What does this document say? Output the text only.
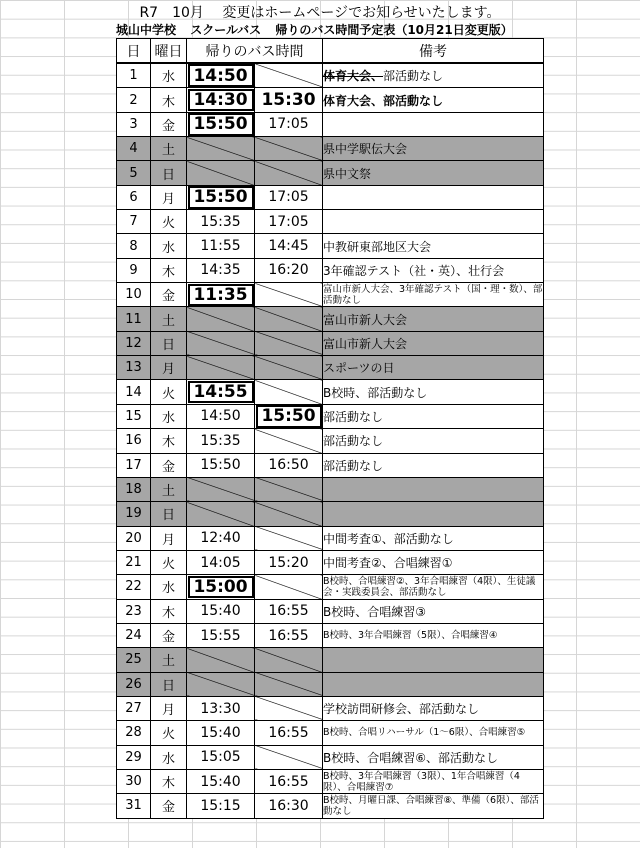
R7　10月　 変更はホームページでお知らせいたします。
城山中学校 スクールバス 帰りのバス時間予定表（10月21日変更版）
日	曜日	帰りのバス時間		備考
1	水	14:50		体育大会、部活動なし
2	木	14:30	15:30	体育大会、部活動なし
3	金	15:50	17:05	
4	土			県中学駅伝大会
5	日			県中文祭
6	月	15:50	17:05	
7	火	15:35	17:05	
8	水	11:55	14:45	中教研東部地区大会
9	木	14:35	16:20	3年確認テスト（社・英）、壮行会
10	金	11:35		富山市新人大会、3年確認テスト（国・理・数）、部活動なし
11	土			富山市新人大会
12	日			富山市新人大会
13	月			スポーツの日
14	火	14:55		B校時、部活動なし
15	水	14:50	15:50	部活動なし
16	木	15:35		部活動なし
17	金	15:50	16:50	部活動なし
18	土			
19	日			
20	月	12:40		中間考査①、部活動なし
21	火	14:05	15:20	中間考査②、合唱練習①
22	水	15:00		B校時、合唱練習②、3年合唱練習（4限）、生徒議会・実践委員会、部活動なし
23	木	15:40	16:55	B校時、合唱練習③
24	金	15:55	16:55	B校時、3年合唱練習（5限）、合唱練習④
25	土			
26	日			
27	月	13:30		学校訪問研修会、部活動なし
28	火	15:40	16:55	B校時、合唱リハーサル（1～6限）、合唱練習⑤
29	水	15:05		B校時、合唱練習⑥、部活動なし
30	木	15:40	16:55	B校時、3年合唱練習（3限）、1年合唱練習（4限）、合唱練習⑦
31	金	15:15	16:30	B校時、月曜日課、合唱練習⑧、準備（6限）、部活動なし
